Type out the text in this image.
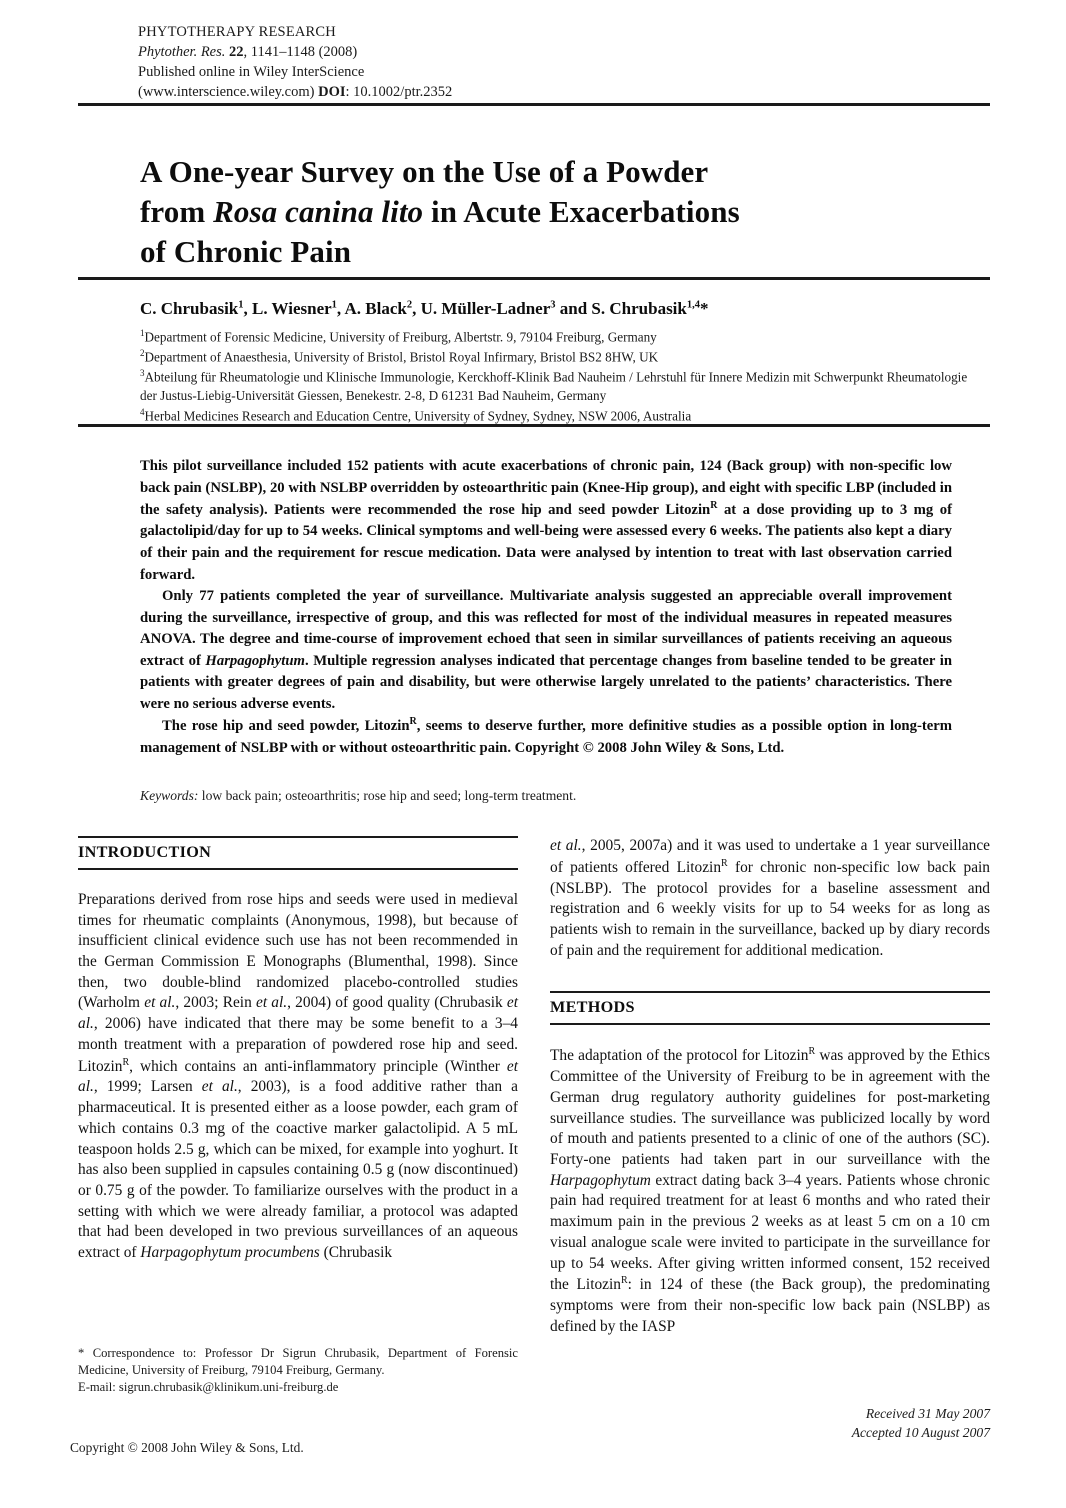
PHYTOTHERAPY RESEARCH
Phytother. Res. 22, 1141–1148 (2008)
Published online in Wiley InterScience
(www.interscience.wiley.com) DOI: 10.1002/ptr.2352
A One-year Survey on the Use of a Powder
from Rosa canina lito in Acute Exacerbations
of Chronic Pain
C. Chrubasik$^1$, L. Wiesner$^1$, A. Black$^2$, U. Müller-Ladner$^3$ and S. Chrubasik$^{1,4}$*

$^1$Department of Forensic Medicine, University of Freiburg, Albertstr. 9, 79104 Freiburg, Germany

$^2$Department of Anaesthesia, University of Bristol, Bristol Royal Infirmary, Bristol BS2 8HW, UK

$^3$Abteilung für Rheumatologie und Klinische Immunologie, Kerckhoff-Klinik Bad Nauheim / Lehrstuhl für Innere Medizin mit Schwerpunkt Rheumatologie der Justus-Liebig-Universität Giessen, Benekestr. 2-8, D 61231 Bad Nauheim, Germany

$^4$Herbal Medicines Research and Education Centre, University of Sydney, Sydney, NSW 2006, Australia

This pilot surveillance included 152 patients with acute exacerbations of chronic pain, 124 (Back group) with non-specific low back pain (NSLBP), 20 with NSLBP overridden by osteoarthritic pain (Knee-Hip group), and eight with specific LBP (included in the safety analysis). Patients were recommended the rose hip and seed powder Litozin$^R$ at a dose providing up to 3 mg of galactolipid/day for up to 54 weeks. Clinical symptoms and well-being were assessed every 6 weeks. The patients also kept a diary of their pain and the requirement for rescue medication. Data were analysed by intention to treat with last observation carried forward.

Only 77 patients completed the year of surveillance. Multivariate analysis suggested an appreciable overall improvement during the surveillance, irrespective of group, and this was reflected for most of the individual measures in repeated measures ANOVA. The degree and time-course of improvement echoed that seen in similar surveillances of patients receiving an aqueous extract of Harpagophytum. Multiple regression analyses indicated that percentage changes from baseline tended to be greater in patients with greater degrees of pain and disability, but were otherwise largely unrelated to the patients’ characteristics. There were no serious adverse events.

The rose hip and seed powder, Litozin$^R$, seems to deserve further, more definitive studies as a possible option in long-term management of NSLBP with or without osteoarthritic pain. Copyright © 2008 John Wiley & Sons, Ltd.

Keywords: low back pain; osteoarthritis; rose hip and seed; long-term treatment.
INTRODUCTION

Preparations derived from rose hips and seeds were used in medieval times for rheumatic complaints (Anonymous, 1998), but because of insufficient clinical evidence such use has not been recommended in the German Commission E Monographs (Blumenthal, 1998). Since then, two double-blind randomized placebo-controlled studies (Warholm et al., 2003; Rein et al., 2004) of good quality (Chrubasik et al., 2006) have indicated that there may be some benefit to a 3–4 month treatment with a preparation of powdered rose hip and seed. Litozin$^R$, which contains an anti-inflammatory principle (Winther et al., 1999; Larsen et al., 2003), is a food additive rather than a pharmaceutical. It is presented either as a loose powder, each gram of which contains 0.3 mg of the coactive marker galactolipid. A 5 mL teaspoon holds 2.5 g, which can be mixed, for example into yoghurt. It has also been supplied in capsules containing 0.5 g (now discontinued) or 0.75 g of the powder. To familiarize ourselves with the product in a setting with which we were already familiar, a protocol was adapted that had been developed in two previous surveillances of an aqueous extract of Harpagophytum procumbens (Chrubasik

et al., 2005, 2007a) and it was used to undertake a 1 year surveillance of patients offered Litozin$^R$ for chronic non-specific low back pain (NSLBP). The protocol provides for a baseline assessment and registration and 6 weekly visits for up to 54 weeks for as long as patients wish to remain in the surveillance, backed up by diary records of pain and the requirement for additional medication.

METHODS

The adaptation of the protocol for Litozin$^R$ was approved by the Ethics Committee of the University of Freiburg to be in agreement with the German drug regulatory authority guidelines for post-marketing surveillance studies. The surveillance was publicized locally by word of mouth and patients presented to a clinic of one of the authors (SC). Forty-one patients had taken part in our surveillance with the Harpagophytum extract dating back 3–4 years. Patients whose chronic pain had required treatment for at least 6 months and who rated their maximum pain in the previous 2 weeks as at least 5 cm on a 10 cm visual analogue scale were invited to participate in the surveillance for up to 54 weeks. After giving written informed consent, 152 received the Litozin$^R$: in 124 of these (the Back group), the predominating symptoms were from their non-specific low back pain (NSLBP) as defined by the IASP

* Correspondence to: Professor Dr Sigrun Chrubasik, Department of Forensic Medicine, University of Freiburg, 79104 Freiburg, Germany.

E-mail: sigrun.chrubasik@klinikum.uni-freiburg.de

Received 31 May 2007
Accepted 10 August 2007
Copyright © 2008 John Wiley & Sons, Ltd.
